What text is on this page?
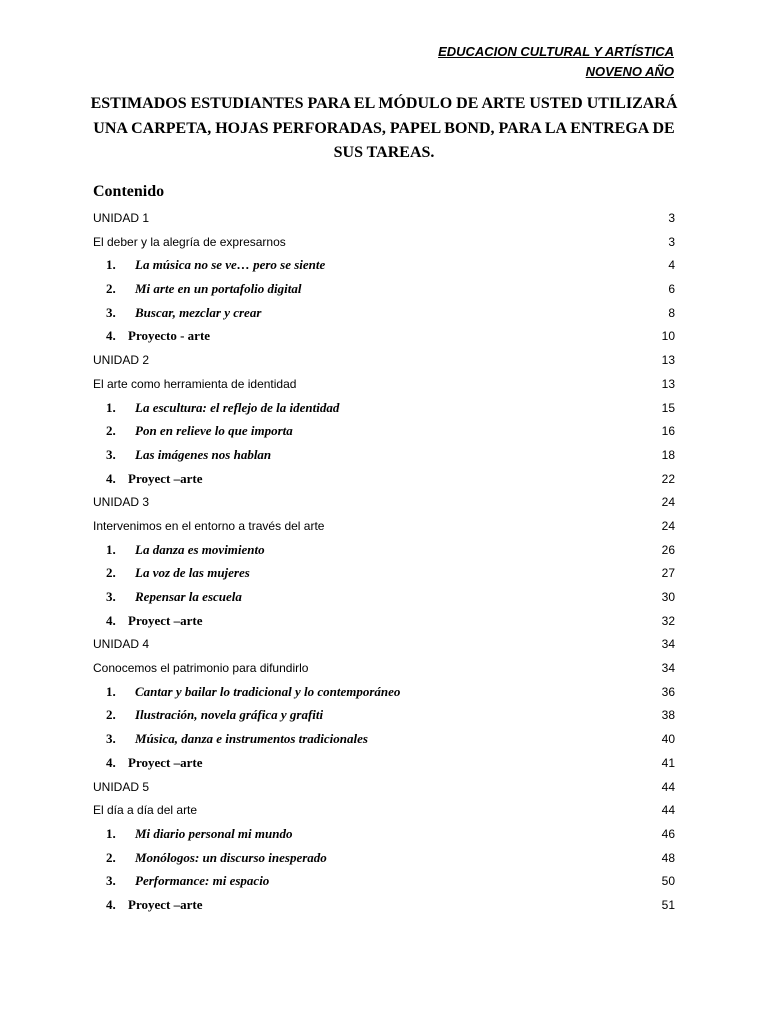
EDUCACION CULTURAL Y ARTÍSTICA
NOVENO AÑO
ESTIMADOS ESTUDIANTES PARA EL MÓDULO DE ARTE USTED UTILIZARÁ UNA CARPETA, HOJAS PERFORADAS, PAPEL BOND, PARA LA ENTREGA DE SUS TAREAS.
Contenido
UNIDAD 1	3
El deber y la alegría de expresarnos	3
1.	La música no se ve… pero se siente	4
2.	Mi arte en un portafolio digital	6
3.	Buscar, mezclar y crear	8
4. Proyecto - arte	10
UNIDAD 2	13
El arte como herramienta de identidad	13
1.	La escultura: el reflejo de la identidad	15
2.	Pon en relieve lo que importa	16
3.	Las imágenes nos hablan	18
4. Proyect –arte	22
UNIDAD 3	24
Intervenimos en el entorno a través del arte	24
1.	La danza es movimiento	26
2.	La voz de las mujeres	27
3.	Repensar la escuela	30
4. Proyect –arte	32
UNIDAD 4	34
Conocemos el patrimonio para difundirlo	34
1.	Cantar y bailar lo tradicional y lo contemporáneo	36
2.	Ilustración, novela gráfica y grafiti	38
3.	Música, danza e instrumentos tradicionales	40
4. Proyect –arte	41
UNIDAD 5	44
El día a día del arte	44
1.	Mi diario personal mi mundo	46
2.	Monólogos: un discurso inesperado	48
3.	Performance: mi espacio	50
4. Proyect –arte	51
